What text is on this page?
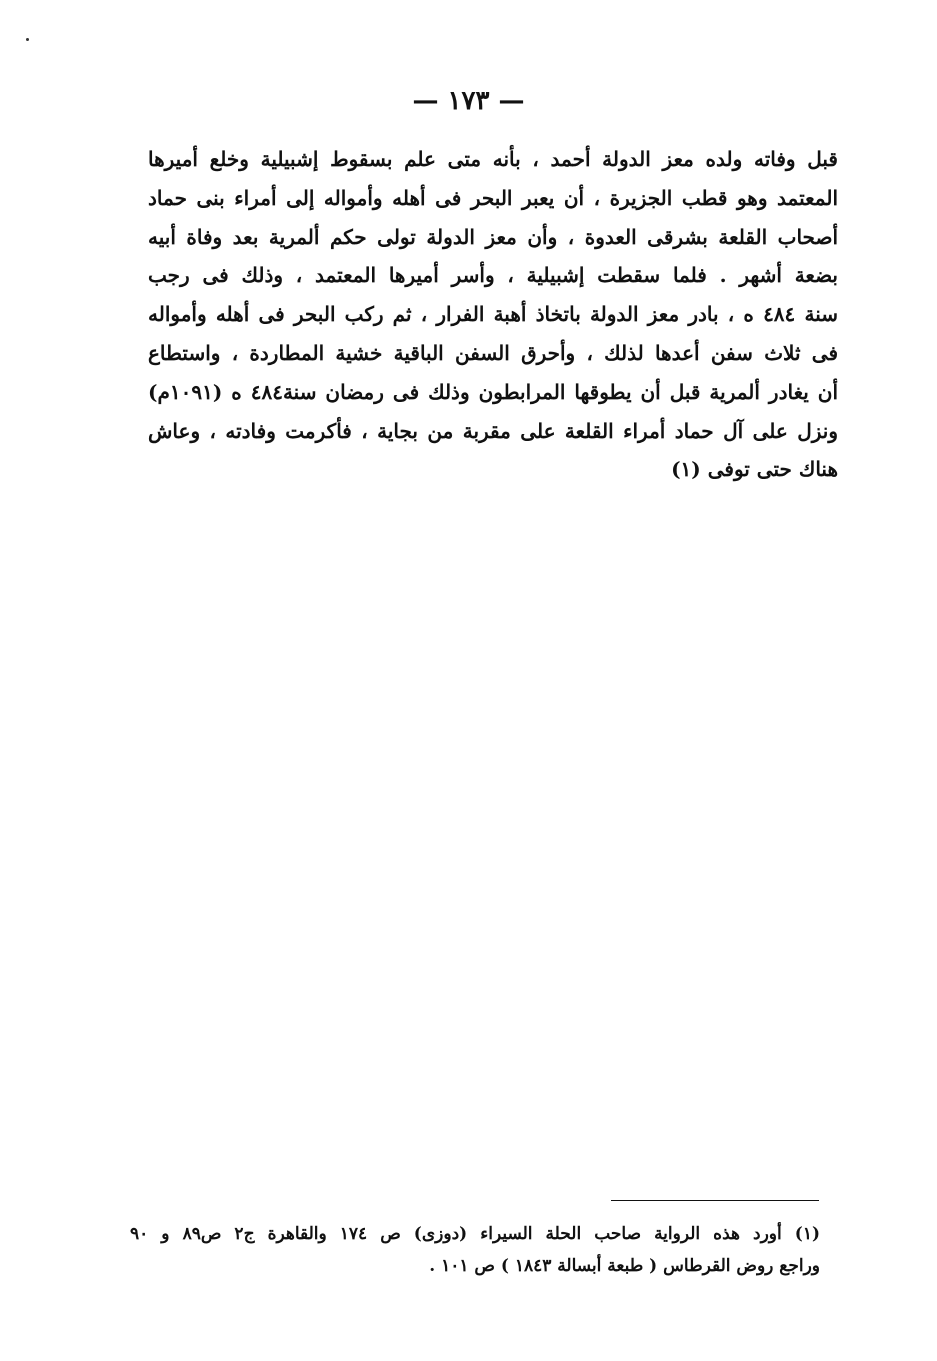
— ١٧٣ —
قبل وفاته ولده معز الدولة أحمد ، بأنه متى علم بسقوط إشبيلية وخلع أميرها
المعتمد وهو قطب الجزيرة ، أن يعبر البحر فى أهله وأمواله إلى أمراء بنى حماد
أصحاب القلعة بشرقى العدوة ، وأن معز الدولة تولى حكم ألمرية بعد وفاة أبيه
بضعة أشهر . فلما سقطت إشبيلية ، وأسر أميرها المعتمد ، وذلك فى رجب
سنة ٤٨٤ ه ، بادر معز الدولة باتخاذ أهبة الفرار ، ثم ركب البحر فى أهله وأمواله
فى ثلاث سفن أعدها لذلك ، وأحرق السفن الباقية خشية المطاردة ، واستطاع
أن يغادر ألمرية قبل أن يطوقها المرابطون وذلك فى رمضان سنة٤٨٤ ه (١٠٩١م)
ونزل على آل حماد أمراء القلعة على مقربة من بجاية ، فأكرمت وفادته ، وعاش
هناك حتى توفى (١)
(١) أورد هذه الرواية صاحب الحلة السيراء (دوزى) ص ١٧٤ والقاهرة ج٢ ص٨٩ و ٩٠
وراجع روض القرطاس ( طبعة أبسالة ١٨٤٣ ) ص ١٠١ .
